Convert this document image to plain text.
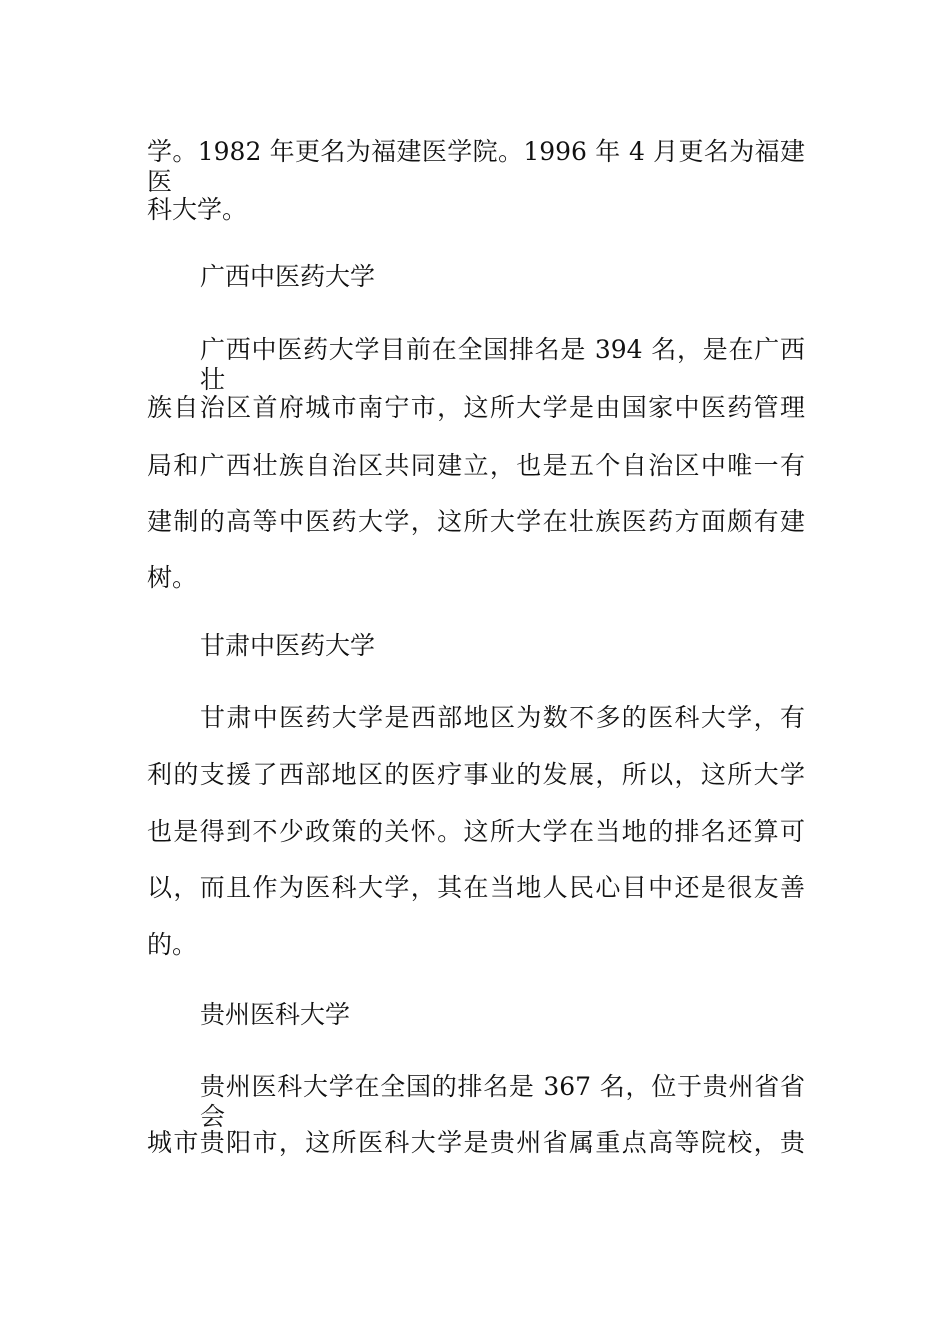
学。1982 年更名为福建医学院。1996 年 4 月更名为福建医
科大学。
广西中医药大学
广西中医药大学目前在全国排名是 394 名，是在广西壮
族自治区首府城市南宁市，这所大学是由国家中医药管理
局和广西壮族自治区共同建立，也是五个自治区中唯一有
建制的高等中医药大学，这所大学在壮族医药方面颇有建
树。
甘肃中医药大学
甘肃中医药大学是西部地区为数不多的医科大学，有
利的支援了西部地区的医疗事业的发展，所以，这所大学
也是得到不少政策的关怀。这所大学在当地的排名还算可
以，而且作为医科大学，其在当地人民心目中还是很友善
的。
贵州医科大学
贵州医科大学在全国的排名是 367 名，位于贵州省省会
城市贵阳市，这所医科大学是贵州省属重点高等院校，贵
